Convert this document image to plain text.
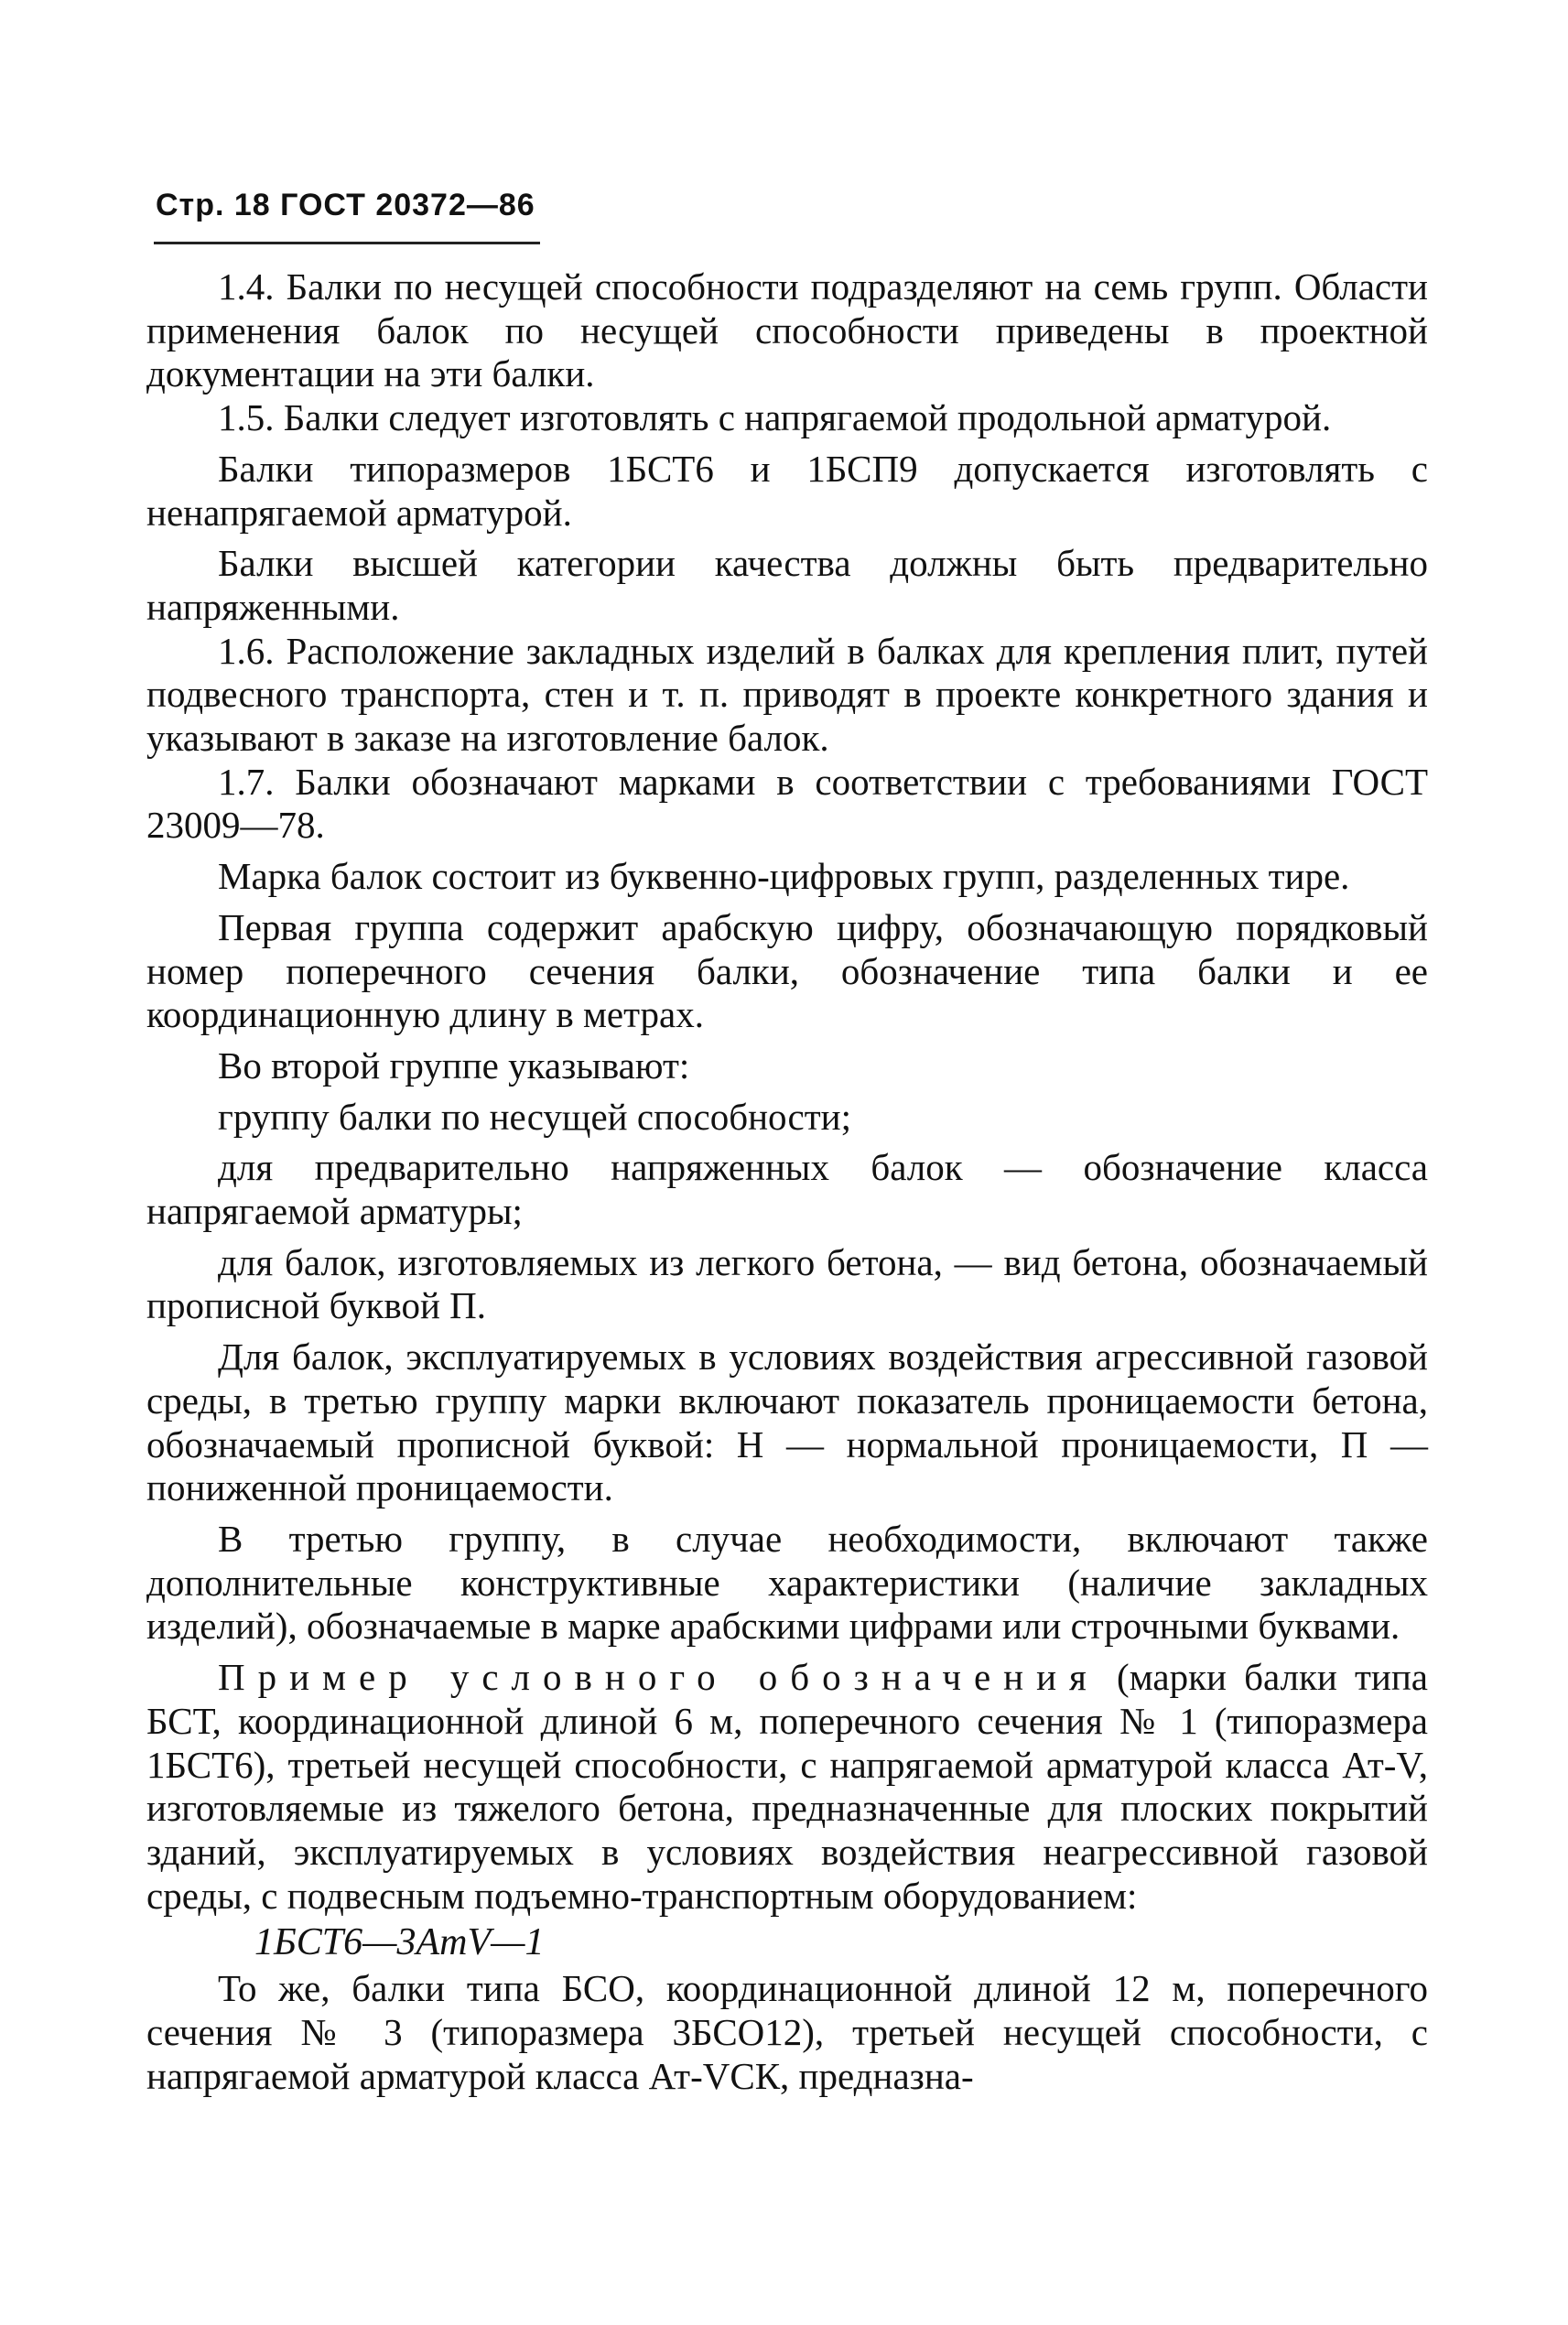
Стр. 18 ГОСТ 20372—86

1.4. Балки по несущей способности подразделяют на семь групп. Области применения балок по несущей способности приведены в проектной документации на эти балки.

1.5. Балки следует изготовлять с напрягаемой продольной арматурой.

Балки типоразмеров 1БСТ6 и 1БСП9 допускается изготовлять с ненапрягаемой арматурой.

Балки высшей категории качества должны быть предварительно напряженными.

1.6. Расположение закладных изделий в балках для крепления плит, путей подвесного транспорта, стен и т. п. приводят в проекте конкретного здания и указывают в заказе на изготовление балок.

1.7. Балки обозначают марками в соответствии с требованиями ГОСТ 23009—78.

Марка балок состоит из буквенно-цифровых групп, разделенных тире.

Первая группа содержит арабскую цифру, обозначающую порядковый номер поперечного сечения балки, обозначение типа балки и ее координационную длину в метрах.

Во второй группе указывают:

группу балки по несущей способности;

для предварительно напряженных балок — обозначение класса напрягаемой арматуры;

для балок, изготовляемых из легкого бетона, — вид бетона, обозначаемый прописной буквой П.

Для балок, эксплуатируемых в условиях воздействия агрессивной газовой среды, в третью группу марки включают показатель проницаемости бетона, обозначаемый прописной буквой: Н — нормальной проницаемости, П — пониженной проницаемости.

В третью группу, в случае необходимости, включают также дополнительные конструктивные характеристики (наличие закладных изделий), обозначаемые в марке арабскими цифрами или строчными буквами.

Пример условного обозначения (марки балки типа БСТ, координационной длиной 6 м, поперечного сечения № 1 (типоразмера 1БСТ6), третьей несущей способности, с напрягаемой арматурой класса Ат-V, изготовляемые из тяжелого бетона, предназначенные для плоских покрытий зданий, эксплуатируемых в условиях воздействия неагрессивной газовой среды, с подвесным подъемно-транспортным оборудованием:

1БСТ6—3АтV—1

То же, балки типа БСО, координационной длиной 12 м, поперечного сечения № 3 (типоразмера 3БСО12), третьей несущей способности, с напрягаемой арматурой класса Ат-VСК, предназна-
